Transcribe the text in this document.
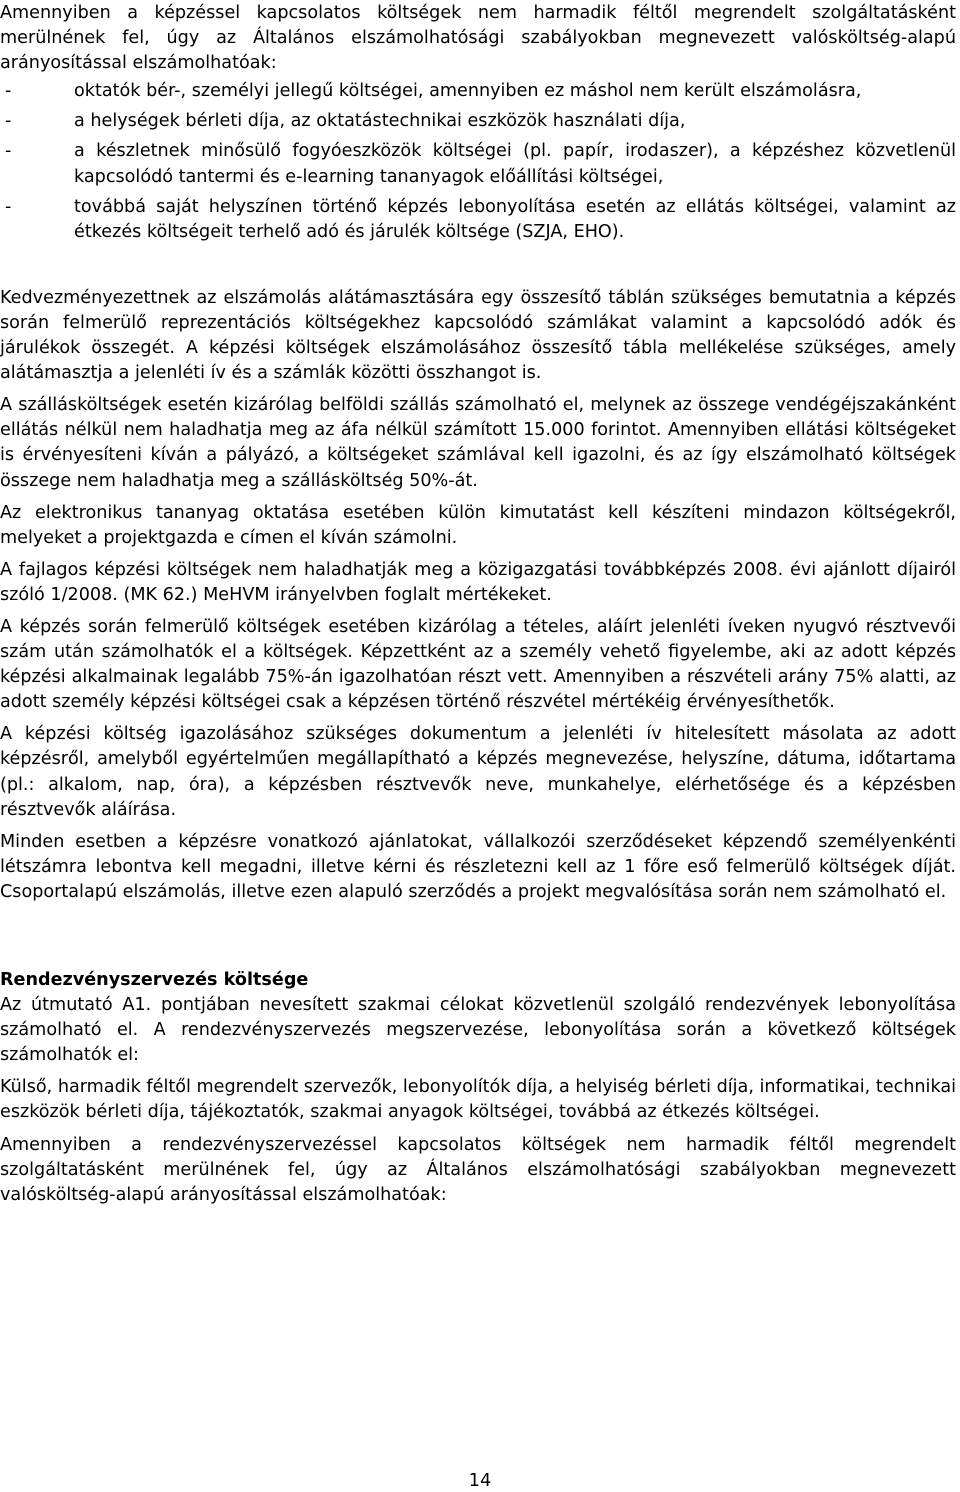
Amennyiben a képzéssel kapcsolatos költségek nem harmadik féltől megrendelt szolgáltatásként merülnének fel, úgy az Általános elszámolhatósági szabályokban megnevezett valósköltség-alapú arányosítással elszámolhatóak:

-	oktatók bér-, személyi jellegű költségei, amennyiben ez máshol nem került elszámolásra,
-	a helységek bérleti díja, az oktatástechnikai eszközök használati díja,
-	a készletnek minősülő fogyóeszközök költségei (pl. papír, irodaszer), a képzéshez közvetlenül kapcsolódó tantermi és e-learning tananyagok előállítási költségei,
-	továbbá saját helyszínen történő képzés lebonyolítása esetén az ellátás költségei, valamint az étkezés költségeit terhelő adó és járulék költsége (SZJA, EHO).

Kedvezményezettnek az elszámolás alátámasztására egy összesítő táblán szükséges bemutatnia a képzés során felmerülő reprezentációs költségekhez kapcsolódó számlákat valamint a kapcsolódó adók és járulékok összegét. A képzési költségek elszámolásához összesítő tábla mellékelése szükséges, amely alátámasztja a jelenléti ív és a számlák közötti összhangot is.

A szállásköltségek esetén kizárólag belföldi szállás számolható el, melynek az összege vendégéjszakánként ellátás nélkül nem haladhatja meg az áfa nélkül számított 15.000 forintot. Amennyiben ellátási költségeket is érvényesíteni kíván a pályázó, a költségeket számlával kell igazolni, és az így elszámolható költségek összege nem haladhatja meg a szállásköltség 50%-át.

Az elektronikus tananyag oktatása esetében külön kimutatást kell készíteni mindazon költségekről, melyeket a projektgazda e címen el kíván számolni.

A fajlagos képzési költségek nem haladhatják meg a közigazgatási továbbképzés 2008. évi ajánlott díjairól szóló 1/2008. (MK 62.) MeHVM irányelvben foglalt mértékeket.

A képzés során felmerülő költségek esetében kizárólag a tételes, aláírt jelenléti íveken nyugvó résztvevői szám után számolhatók el a költségek. Képzettként az a személy vehető figyelembe, aki az adott képzés képzési alkalmainak legalább 75%-án igazolhatóan részt vett. Amennyiben a részvételi arány 75% alatti, az adott személy képzési költségei csak a képzésen történő részvétel mértékéig érvényesíthetők.

A képzési költség igazolásához szükséges dokumentum a jelenléti ív hitelesített másolata az adott képzésről, amelyből egyértelműen megállapítható a képzés megnevezése, helyszíne, dátuma, időtartama (pl.: alkalom, nap, óra), a képzésben résztvevők neve, munkahelye, elérhetősége és a képzésben résztvevők aláírása.

Minden esetben a képzésre vonatkozó ajánlatokat, vállalkozói szerződéseket képzendő személyenkénti létszámra lebontva kell megadni, illetve kérni és részletezni kell az 1 főre eső felmerülő költségek díját. Csoportalapú elszámolás, illetve ezen alapuló szerződés a projekt megvalósítása során nem számolható el.

Rendezvényszervezés költsége

Az útmutató A1. pontjában nevesített szakmai célokat közvetlenül szolgáló rendezvények lebonyolítása számolható el. A rendezvényszervezés megszervezése, lebonyolítása során a következő költségek számolhatók el:

Külső, harmadik féltől megrendelt szervezők, lebonyolítók díja, a helyiség bérleti díja, informatikai, technikai eszközök bérleti díja, tájékoztatók, szakmai anyagok költségei, továbbá az étkezés költségei.

Amennyiben a rendezvényszervezéssel kapcsolatos költségek nem harmadik féltől megrendelt szolgáltatásként merülnének fel, úgy az Általános elszámolhatósági szabályokban megnevezett valósköltség-alapú arányosítással elszámolhatóak:

14
